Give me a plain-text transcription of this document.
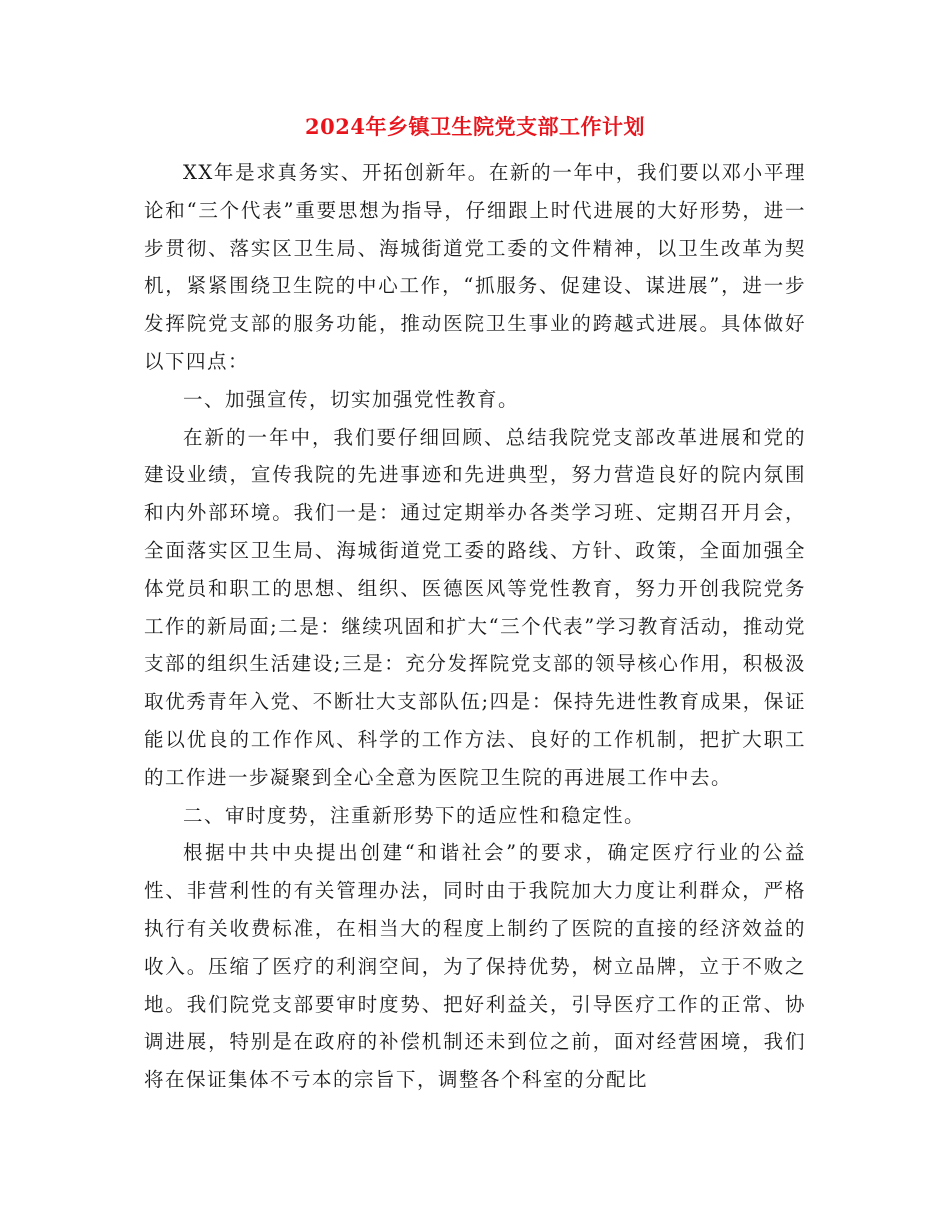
2024年乡镇卫生院党支部工作计划

XX年是求真务实、开拓创新年。在新的一年中，我们要以邓小平理论和“三个代表”重要思想为指导，仔细跟上时代进展的大好形势，进一步贯彻、落实区卫生局、海城街道党工委的文件精神，以卫生改革为契机，紧紧围绕卫生院的中心工作，“抓服务、促建设、谋进展”，进一步发挥院党支部的服务功能，推动医院卫生事业的跨越式进展。具体做好以下四点：

一、加强宣传，切实加强党性教育。

在新的一年中，我们要仔细回顾、总结我院党支部改革进展和党的建设业绩，宣传我院的先进事迹和先进典型，努力营造良好的院内氛围和内外部环境。我们一是：通过定期举办各类学习班、定期召开月会，全面落实区卫生局、海城街道党工委的路线、方针、政策，全面加强全体党员和职工的思想、组织、医德医风等党性教育，努力开创我院党务工作的新局面;二是：继续巩固和扩大“三个代表”学习教育活动，推动党支部的组织生活建设;三是：充分发挥院党支部的领导核心作用，积极汲取优秀青年入党、不断壮大支部队伍;四是：保持先进性教育成果，保证能以优良的工作作风、科学的工作方法、良好的工作机制，把扩大职工的工作进一步凝聚到全心全意为医院卫生院的再进展工作中去。

二、审时度势，注重新形势下的适应性和稳定性。

根据中共中央提出创建“和谐社会”的要求，确定医疗行业的公益性、非营利性的有关管理办法，同时由于我院加大力度让利群众，严格执行有关收费标准，在相当大的程度上制约了医院的直接的经济效益的收入。压缩了医疗的利润空间，为了保持优势，树立品牌，立于不败之地。我们院党支部要审时度势、把好利益关，引导医疗工作的正常、协调进展，特别是在政府的补偿机制还未到位之前，面对经营困境，我们将在保证集体不亏本的宗旨下，调整各个科室的分配比
